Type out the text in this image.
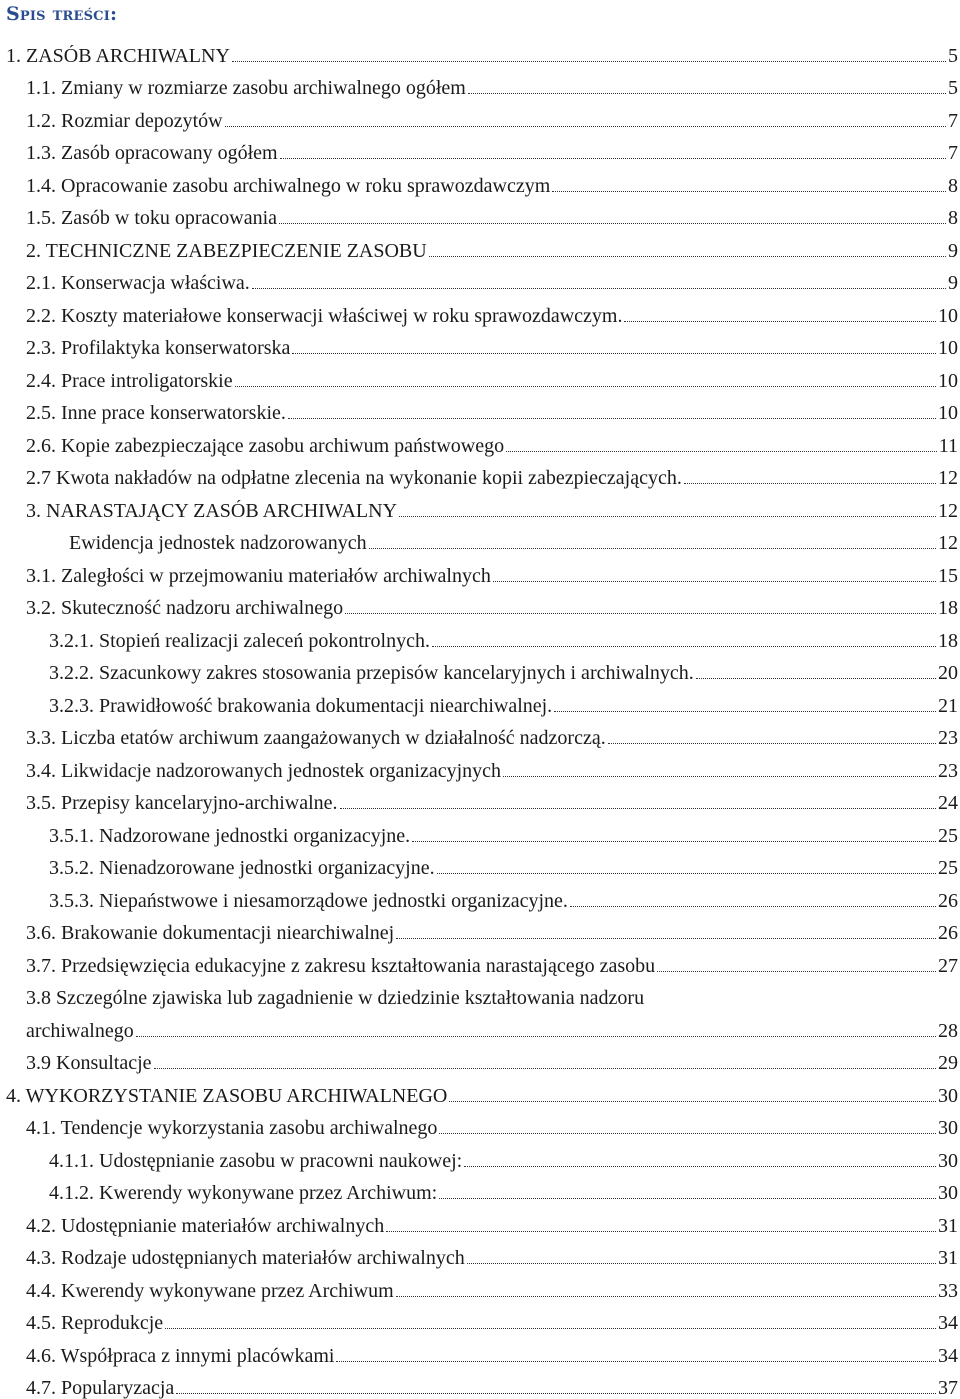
Spis treści:
1. ZASÓB ARCHIWALNY	5
1.1. Zmiany w rozmiarze zasobu archiwalnego ogółem	5
1.2. Rozmiar depozytów	7
1.3. Zasób opracowany ogółem	7
1.4. Opracowanie zasobu archiwalnego w roku sprawozdawczym	8
1.5. Zasób w toku opracowania	8
2. TECHNICZNE ZABEZPIECZENIE ZASOBU	9
2.1. Konserwacja właściwa.	9
2.2. Koszty materiałowe konserwacji właściwej w roku sprawozdawczym.	10
2.3. Profilaktyka konserwatorska	10
2.4. Prace introligatorskie	10
2.5. Inne prace konserwatorskie.	10
2.6. Kopie zabezpieczające zasobu archiwum państwowego	11
2.7 Kwota nakładów na odpłatne zlecenia na wykonanie kopii zabezpieczających.	12
3. NARASTAJĄCY ZASÓB ARCHIWALNY	12
Ewidencja jednostek nadzorowanych	12
3.1. Zaległości w przejmowaniu materiałów archiwalnych	15
3.2. Skuteczność nadzoru archiwalnego	18
3.2.1. Stopień realizacji zaleceń pokontrolnych.	18
3.2.2. Szacunkowy zakres stosowania przepisów kancelaryjnych i archiwalnych.	20
3.2.3. Prawidłowość brakowania dokumentacji niearchiwalnej.	21
3.3. Liczba etatów archiwum zaangażowanych w działalność nadzorczą.	23
3.4. Likwidacje nadzorowanych jednostek organizacyjnych	23
3.5. Przepisy kancelaryjno-archiwalne.	24
3.5.1. Nadzorowane jednostki organizacyjne.	25
3.5.2. Nienadzorowane jednostki organizacyjne.	25
3.5.3. Niepaństwowe i niesamorządowe jednostki organizacyjne.	26
3.6. Brakowanie dokumentacji niearchiwalnej	26
3.7. Przedsięwzięcia edukacyjne z zakresu kształtowania narastającego zasobu	27
3.8 Szczególne zjawiska lub zagadnienie w dziedzinie kształtowania nadzoru
archiwalnego	28
3.9 Konsultacje	29
4. WYKORZYSTANIE ZASOBU ARCHIWALNEGO	30
4.1. Tendencje wykorzystania zasobu archiwalnego	30
4.1.1. Udostępnianie zasobu w pracowni naukowej:	30
4.1.2. Kwerendy wykonywane przez Archiwum:	30
4.2. Udostępnianie materiałów archiwalnych	31
4.3. Rodzaje udostępnianych materiałów archiwalnych	31
4.4. Kwerendy wykonywane przez Archiwum	33
4.5. Reprodukcje	34
4.6. Współpraca z innymi placówkami	34
4.7. Popularyzacja	37
